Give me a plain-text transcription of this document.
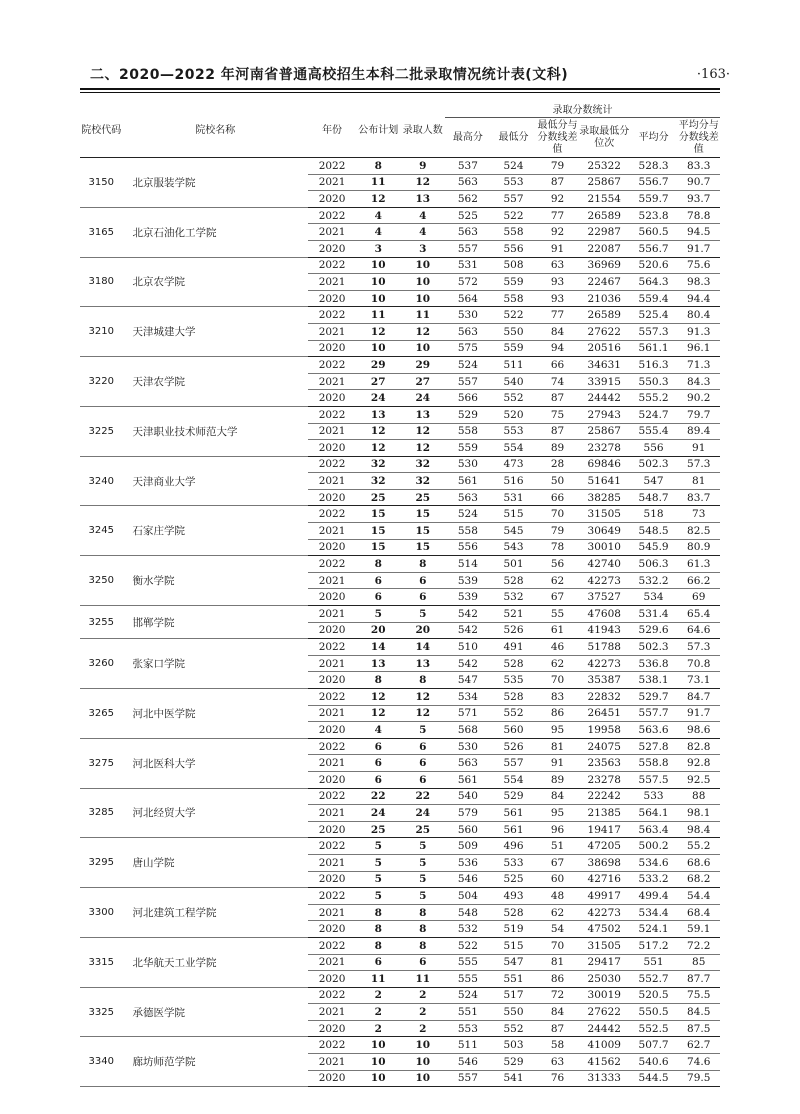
二、2020—2022 年河南省普通高校招生本科二批录取情况统计表(文科)	·163·
院校代码	院校名称	年份	公布计划	录取人数	录取分数统计					
					最高分	最低分	最低分与分数线差值	录取最低分位次	平均分	平均分与分数线差值
3150	北京服装学院	2022	8	9	537	524	79	25322	528.3	83.3
		2021	11	12	563	553	87	25867	556.7	90.7
		2020	12	13	562	557	92	21554	559.7	93.7
3165	北京石油化工学院	2022	4	4	525	522	77	26589	523.8	78.8
		2021	4	4	563	558	92	22987	560.5	94.5
		2020	3	3	557	556	91	22087	556.7	91.7
3180	北京农学院	2022	10	10	531	508	63	36969	520.6	75.6
		2021	10	10	572	559	93	22467	564.3	98.3
		2020	10	10	564	558	93	21036	559.4	94.4
3210	天津城建大学	2022	11	11	530	522	77	26589	525.4	80.4
		2021	12	12	563	550	84	27622	557.3	91.3
		2020	10	10	575	559	94	20516	561.1	96.1
3220	天津农学院	2022	29	29	524	511	66	34631	516.3	71.3
		2021	27	27	557	540	74	33915	550.3	84.3
		2020	24	24	566	552	87	24442	555.2	90.2
3225	天津职业技术师范大学	2022	13	13	529	520	75	27943	524.7	79.7
		2021	12	12	558	553	87	25867	555.4	89.4
		2020	12	12	559	554	89	23278	556	91
3240	天津商业大学	2022	32	32	530	473	28	69846	502.3	57.3
		2021	32	32	561	516	50	51641	547	81
		2020	25	25	563	531	66	38285	548.7	83.7
3245	石家庄学院	2022	15	15	524	515	70	31505	518	73
		2021	15	15	558	545	79	30649	548.5	82.5
		2020	15	15	556	543	78	30010	545.9	80.9
3250	衡水学院	2022	8	8	514	501	56	42740	506.3	61.3
		2021	6	6	539	528	62	42273	532.2	66.2
		2020	6	6	539	532	67	37527	534	69
3255	邯郸学院	2021	5	5	542	521	55	47608	531.4	65.4
		2020	20	20	542	526	61	41943	529.6	64.6
3260	张家口学院	2022	14	14	510	491	46	51788	502.3	57.3
		2021	13	13	542	528	62	42273	536.8	70.8
		2020	8	8	547	535	70	35387	538.1	73.1
3265	河北中医学院	2022	12	12	534	528	83	22832	529.7	84.7
		2021	12	12	571	552	86	26451	557.7	91.7
		2020	4	5	568	560	95	19958	563.6	98.6
3275	河北医科大学	2022	6	6	530	526	81	24075	527.8	82.8
		2021	6	6	563	557	91	23563	558.8	92.8
		2020	6	6	561	554	89	23278	557.5	92.5
3285	河北经贸大学	2022	22	22	540	529	84	22242	533	88
		2021	24	24	579	561	95	21385	564.1	98.1
		2020	25	25	560	561	96	19417	563.4	98.4
3295	唐山学院	2022	5	5	509	496	51	47205	500.2	55.2
		2021	5	5	536	533	67	38698	534.6	68.6
		2020	5	5	546	525	60	42716	533.2	68.2
3300	河北建筑工程学院	2022	5	5	504	493	48	49917	499.4	54.4
		2021	8	8	548	528	62	42273	534.4	68.4
		2020	8	8	532	519	54	47502	524.1	59.1
3315	北华航天工业学院	2022	8	8	522	515	70	31505	517.2	72.2
		2021	6	6	555	547	81	29417	551	85
		2020	11	11	555	551	86	25030	552.7	87.7
3325	承德医学院	2022	2	2	524	517	72	30019	520.5	75.5
		2021	2	2	551	550	84	27622	550.5	84.5
		2020	2	2	553	552	87	24442	552.5	87.5
3340	廊坊师范学院	2022	10	10	511	503	58	41009	507.7	62.7
		2021	10	10	546	529	63	41562	540.6	74.6
		2020	10	10	557	541	76	31333	544.5	79.5
